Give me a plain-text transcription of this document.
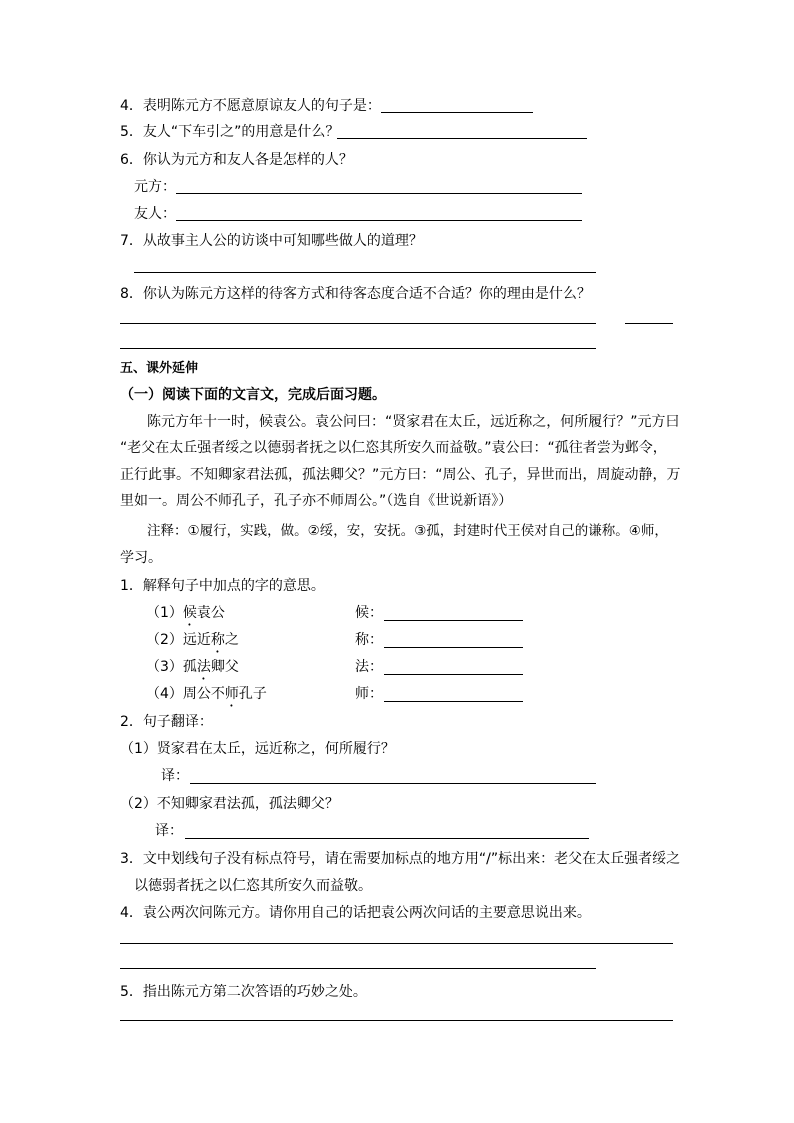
4．表明陈元方不愿意原谅友人的句子是：
5．友人“下车引之”的用意是什么？
6．你认为元方和友人各是怎样的人？
元方：
友人：
7．从故事主人公的访谈中可知哪些做人的道理？
8．你认为陈元方这样的待客方式和待客态度合适不合适？你的理由是什么？
五、课外延伸
（一）阅读下面的文言文，完成后面习题。
陈元方年十一时，候袁公。袁公问曰：“贤家君在太丘，远近称之，何所履行？”元方曰
“老父在太丘强者绥之以德弱者抚之以仁恣其所安久而益敬。”袁公曰：“孤往者尝为邺令，
正行此事。不知卿家君法孤，孤法卿父？”元方曰：“周公、孔子，异世而出，周旋动静，万
里如一。周公不师孔子，孔子亦不师周公。”（选自《世说新语》）
注释：①履行，实践，做。②绥，安，安抚。③孤，封建时代王侯对自己的谦称。④师，
学习。
1．解释句子中加点的字的意思。
（1）候袁公	候：
（2）远近称之	称：
（3）孤法卿父	法：
（4）周公不师孔子	师：
2．句子翻译：
（1）贤家君在太丘，远近称之，何所履行？
译：
（2）不知卿家君法孤，孤法卿父？
译：
3．文中划线句子没有标点符号，请在需要加标点的地方用“/”标出来：老父在太丘强者绥之
以德弱者抚之以仁恣其所安久而益敬。
4．袁公两次问陈元方。请你用自己的话把袁公两次问话的主要意思说出来。
5．指出陈元方第二次答语的巧妙之处。
